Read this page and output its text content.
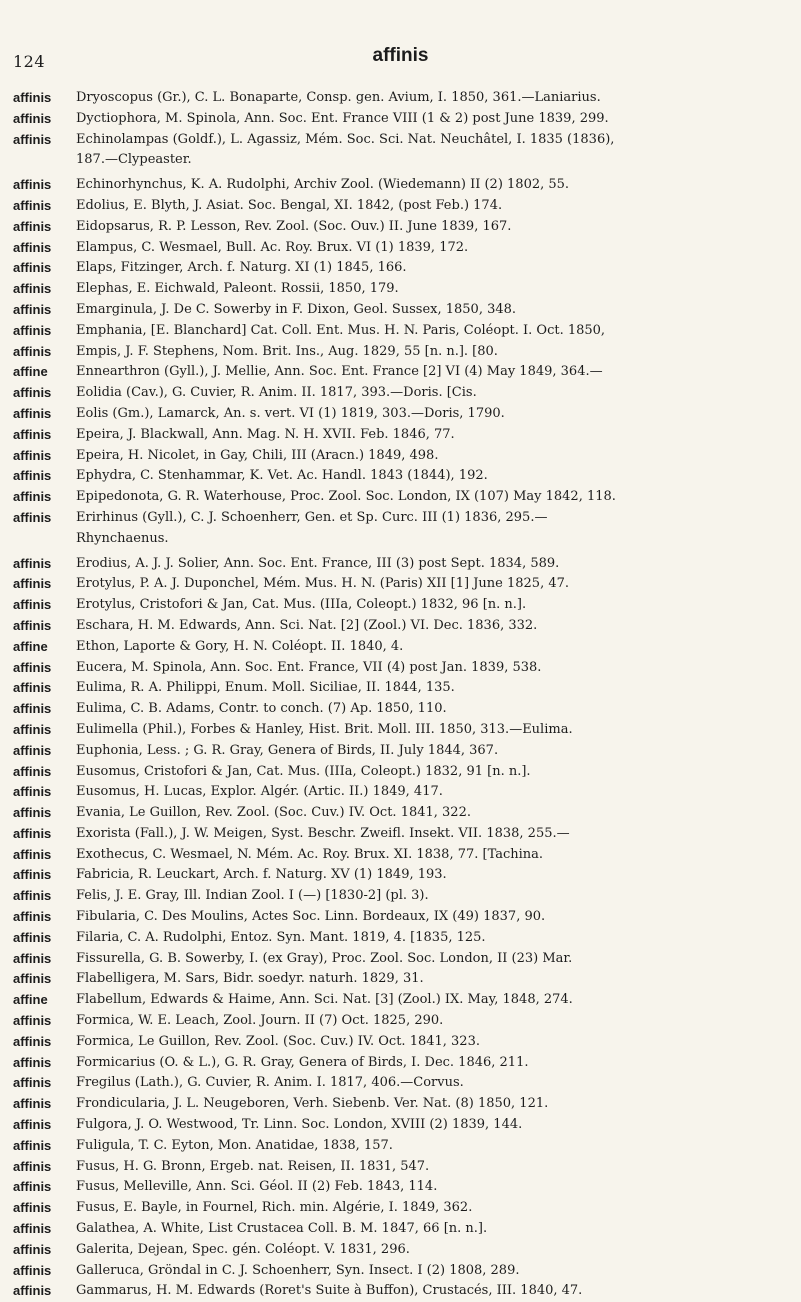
124	affinis
affinis	Dryoscopus (Gr.), C. L. Bonaparte, Consp. gen. Avium, I. 1850, 361.—Laniarius.
affinis	Dyctiophora, M. Spinola, Ann. Soc. Ent. France VIII (1 & 2) post June 1839, 299.
affinis	Echinolampas (Goldf.), L. Agassiz, Mém. Soc. Sci. Nat. Neuchâtel, I. 1835 (1836),
187.—Clypeaster.
affinis	Echinorhynchus, K. A. Rudolphi, Archiv Zool. (Wiedemann) II (2) 1802, 55.
affinis	Edolius, E. Blyth, J. Asiat. Soc. Bengal, XI. 1842, (post Feb.) 174.
affinis	Eidopsarus, R. P. Lesson, Rev. Zool. (Soc. Ouv.) II. June 1839, 167.
affinis	Elampus, C. Wesmael, Bull. Ac. Roy. Brux. VI (1) 1839, 172.
affinis	Elaps, Fitzinger, Arch. f. Naturg. XI (1) 1845, 166.
affinis	Elephas, E. Eichwald, Paleont. Rossii, 1850, 179.
affinis	Emarginula, J. De C. Sowerby in F. Dixon, Geol. Sussex, 1850, 348.
affinis	Emphania, [E. Blanchard] Cat. Coll. Ent. Mus. H. N. Paris, Coléopt. I. Oct. 1850,
affinis	Empis, J. F. Stephens, Nom. Brit. Ins., Aug. 1829, 55 [n. n.]. [80.
affine	Ennearthron (Gyll.), J. Mellie, Ann. Soc. Ent. France [2] VI (4) May 1849, 364.—
affinis	Eolidia (Cav.), G. Cuvier, R. Anim. II. 1817, 393.—Doris. [Cis.
affinis	Eolis (Gm.), Lamarck, An. s. vert. VI (1) 1819, 303.—Doris, 1790.
affinis	Epeira, J. Blackwall, Ann. Mag. N. H. XVII. Feb. 1846, 77.
affinis	Epeira, H. Nicolet, in Gay, Chili, III (Aracn.) 1849, 498.
affinis	Ephydra, C. Stenhammar, K. Vet. Ac. Handl. 1843 (1844), 192.
affinis	Epipedonota, G. R. Waterhouse, Proc. Zool. Soc. London, IX (107) May 1842, 118.
affinis	Erirhinus (Gyll.), C. J. Schoenherr, Gen. et Sp. Curc. III (1) 1836, 295.—
Rhynchaenus.
affinis	Erodius, A. J. J. Solier, Ann. Soc. Ent. France, III (3) post Sept. 1834, 589.
affinis	Erotylus, P. A. J. Duponchel, Mém. Mus. H. N. (Paris) XII [1] June 1825, 47.
affinis	Erotylus, Cristofori & Jan, Cat. Mus. (IIIa, Coleopt.) 1832, 96 [n. n.].
affinis	Eschara, H. M. Edwards, Ann. Sci. Nat. [2] (Zool.) VI. Dec. 1836, 332.
affine	Ethon, Laporte & Gory, H. N. Coléopt. II. 1840, 4.
affinis	Eucera, M. Spinola, Ann. Soc. Ent. France, VII (4) post Jan. 1839, 538.
affinis	Eulima, R. A. Philippi, Enum. Moll. Siciliae, II. 1844, 135.
affinis	Eulima, C. B. Adams, Contr. to conch. (7) Ap. 1850, 110.
affinis	Eulimella (Phil.), Forbes & Hanley, Hist. Brit. Moll. III. 1850, 313.—Eulima.
affinis	Euphonia, Less. ; G. R. Gray, Genera of Birds, II. July 1844, 367.
affinis	Eusomus, Cristofori & Jan, Cat. Mus. (IIIa, Coleopt.) 1832, 91 [n. n.].
affinis	Eusomus, H. Lucas, Explor. Algér. (Artic. II.) 1849, 417.
affinis	Evania, Le Guillon, Rev. Zool. (Soc. Cuv.) IV. Oct. 1841, 322.
affinis	Exorista (Fall.), J. W. Meigen, Syst. Beschr. Zweifl. Insekt. VII. 1838, 255.—
affinis	Exothecus, C. Wesmael, N. Mém. Ac. Roy. Brux. XI. 1838, 77. [Tachina.
affinis	Fabricia, R. Leuckart, Arch. f. Naturg. XV (1) 1849, 193.
affinis	Felis, J. E. Gray, Ill. Indian Zool. I (—) [1830-2] (pl. 3).
affinis	Fibularia, C. Des Moulins, Actes Soc. Linn. Bordeaux, IX (49) 1837, 90.
affinis	Filaria, C. A. Rudolphi, Entoz. Syn. Mant. 1819, 4. [1835, 125.
affinis	Fissurella, G. B. Sowerby, I. (ex Gray), Proc. Zool. Soc. London, II (23) Mar.
affinis	Flabelligera, M. Sars, Bidr. soedyr. naturh. 1829, 31.
affine	Flabellum, Edwards & Haime, Ann. Sci. Nat. [3] (Zool.) IX. May, 1848, 274.
affinis	Formica, W. E. Leach, Zool. Journ. II (7) Oct. 1825, 290.
affinis	Formica, Le Guillon, Rev. Zool. (Soc. Cuv.) IV. Oct. 1841, 323.
affinis	Formicarius (O. & L.), G. R. Gray, Genera of Birds, I. Dec. 1846, 211.
affinis	Fregilus (Lath.), G. Cuvier, R. Anim. I. 1817, 406.—Corvus.
affinis	Frondicularia, J. L. Neugeboren, Verh. Siebenb. Ver. Nat. (8) 1850, 121.
affinis	Fulgora, J. O. Westwood, Tr. Linn. Soc. London, XVIII (2) 1839, 144.
affinis	Fuligula, T. C. Eyton, Mon. Anatidae, 1838, 157.
affinis	Fusus, H. G. Bronn, Ergeb. nat. Reisen, II. 1831, 547.
affinis	Fusus, Melleville, Ann. Sci. Géol. II (2) Feb. 1843, 114.
affinis	Fusus, E. Bayle, in Fournel, Rich. min. Algérie, I. 1849, 362.
affinis	Galathea, A. White, List Crustacea Coll. B. M. 1847, 66 [n. n.].
affinis	Galerita, Dejean, Spec. gén. Coléopt. V. 1831, 296.
affinis	Galleruca, Gröndal in C. J. Schoenherr, Syn. Insect. I (2) 1808, 289.
affinis	Gammarus, H. M. Edwards (Roret's Suite à Buffon), Crustacés, III. 1840, 47.
